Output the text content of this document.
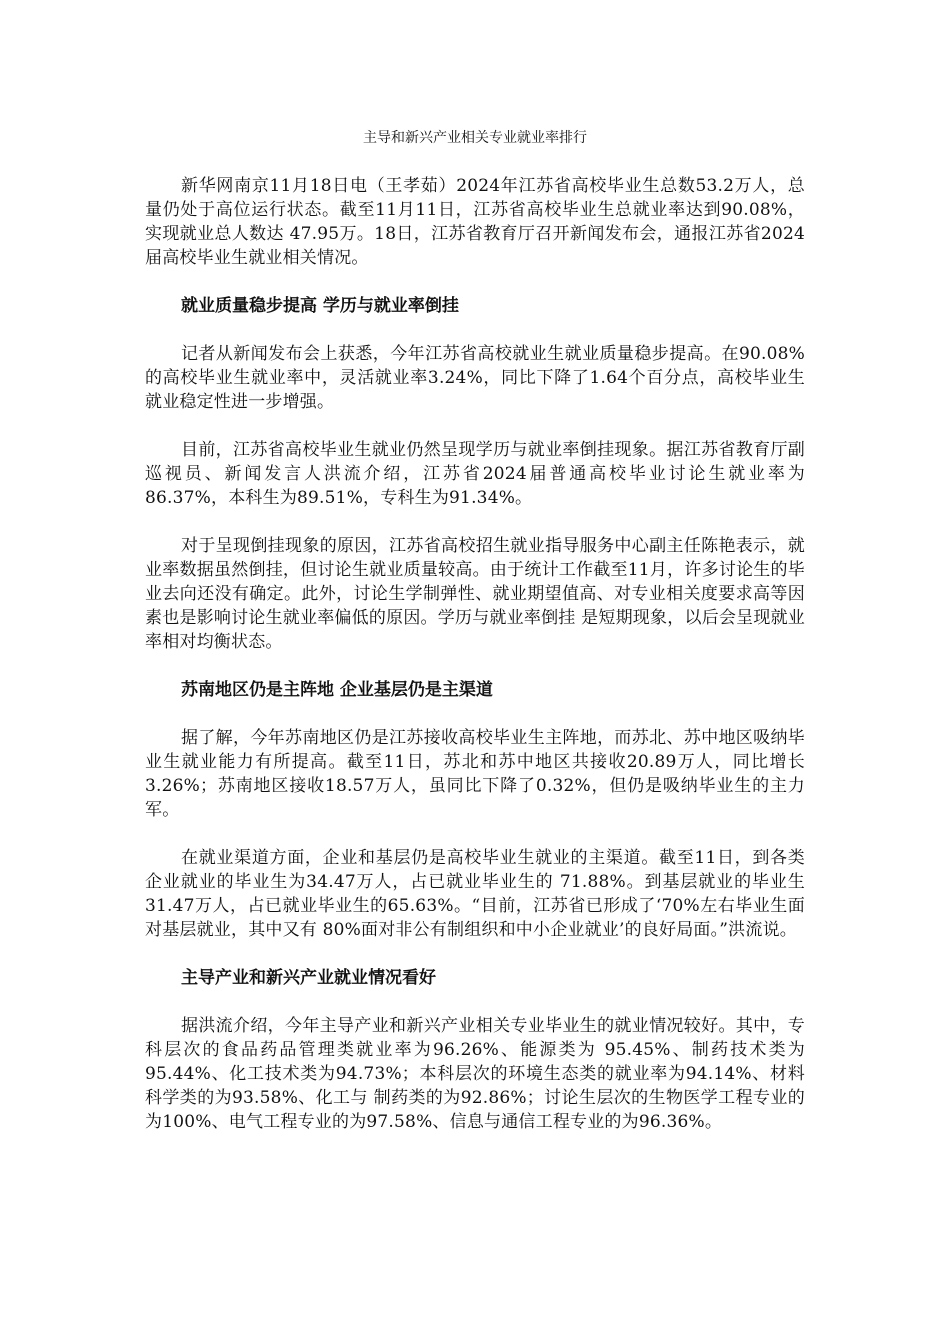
主导和新兴产业相关专业就业率排行

新华网南京11月18日电（王孝茹）2024年江苏省高校毕业生总数53.2万人，总量仍处于高位运行状态。截至11月11日，江苏省高校毕业生总就业率达到90.08%，实现就业总人数达 47.95万。18日，江苏省教育厅召开新闻发布会，通报江苏省2024届高校毕业生就业相关情况。

就业质量稳步提高 学历与就业率倒挂

记者从新闻发布会上获悉，今年江苏省高校就业生就业质量稳步提高。在90.08%的高校毕业生就业率中，灵活就业率3.24%，同比下降了1.64个百分点，高校毕业生就业稳定性进一步增强。

目前，江苏省高校毕业生就业仍然呈现学历与就业率倒挂现象。据江苏省教育厅副巡视员、新闻发言人洪流介绍，江苏省2024届普通高校毕业讨论生就业率为86.37%，本科生为89.51%，专科生为91.34%。

对于呈现倒挂现象的原因，江苏省高校招生就业指导服务中心副主任陈艳表示，就业率数据虽然倒挂，但讨论生就业质量较高。由于统计工作截至11月，许多讨论生的毕业去向还没有确定。此外，讨论生学制弹性、就业期望值高、对专业相关度要求高等因素也是影响讨论生就业率偏低的原因。学历与就业率倒挂 是短期现象，以后会呈现就业率相对均衡状态。

苏南地区仍是主阵地 企业基层仍是主渠道

据了解，今年苏南地区仍是江苏接收高校毕业生主阵地，而苏北、苏中地区吸纳毕业生就业能力有所提高。截至11日，苏北和苏中地区共接收20.89万人，同比增长3.26%；苏南地区接收18.57万人，虽同比下降了0.32%，但仍是吸纳毕业生的主力军。

在就业渠道方面，企业和基层仍是高校毕业生就业的主渠道。截至11日，到各类企业就业的毕业生为34.47万人，占已就业毕业生的 71.88%。到基层就业的毕业生31.47万人，占已就业毕业生的65.63%。“目前，江苏省已形成了‘70%左右毕业生面对基层就业，其中又有 80%面对非公有制组织和中小企业就业’的良好局面。”洪流说。

主导产业和新兴产业就业情况看好

据洪流介绍，今年主导产业和新兴产业相关专业毕业生的就业情况较好。其中，专科层次的食品药品管理类就业率为96.26%、能源类为 95.45%、制药技术类为95.44%、化工技术类为94.73%；本科层次的环境生态类的就业率为94.14%、材料科学类的为93.58%、化工与 制药类的为92.86%；讨论生层次的生物医学工程专业的为100%、电气工程专业的为97.58%、信息与通信工程专业的为96.36%。
